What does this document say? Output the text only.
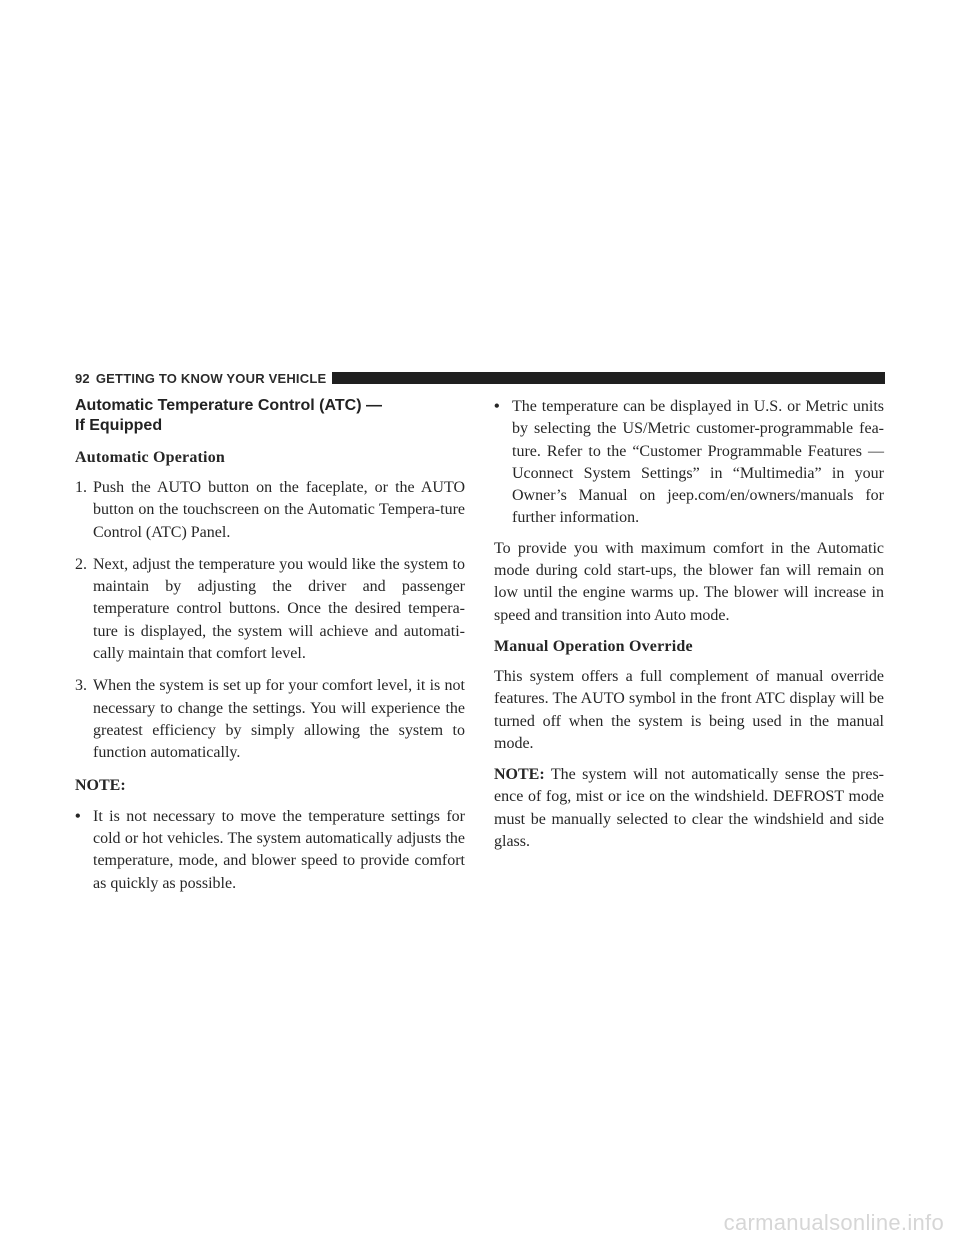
92 GETTING TO KNOW YOUR VEHICLE
Automatic Temperature Control (ATC) —
If Equipped
Automatic Operation
1. Push the AUTO button on the faceplate, or the AUTO button on the touchscreen on the Automatic Tempera-ture Control (ATC) Panel.
2. Next, adjust the temperature you would like the system to maintain by adjusting the driver and passenger temperature control buttons. Once the desired tempera-ture is displayed, the system will achieve and automati-cally maintain that comfort level.
3. When the system is set up for your comfort level, it is not necessary to change the settings. You will experience the greatest efficiency by simply allowing the system to function automatically.
NOTE:
• It is not necessary to move the temperature settings for cold or hot vehicles. The system automatically adjusts the temperature, mode, and blower speed to provide comfort as quickly as possible.
• The temperature can be displayed in U.S. or Metric units by selecting the US/Metric customer-programmable fea-ture. Refer to the “Customer Programmable Features — Uconnect System Settings” in “Multimedia” in your Owner’s Manual on jeep.com/en/owners/manuals for further information.

To provide you with maximum comfort in the Automatic mode during cold start-ups, the blower fan will remain on low until the engine warms up. The blower will increase in speed and transition into Auto mode.

Manual Operation Override

This system offers a full complement of manual override features. The AUTO symbol in the front ATC display will be turned off when the system is being used in the manual mode.

NOTE: The system will not automatically sense the pres-ence of fog, mist or ice on the windshield. DEFROST mode must be manually selected to clear the windshield and side glass.

carmanualsonline.info
